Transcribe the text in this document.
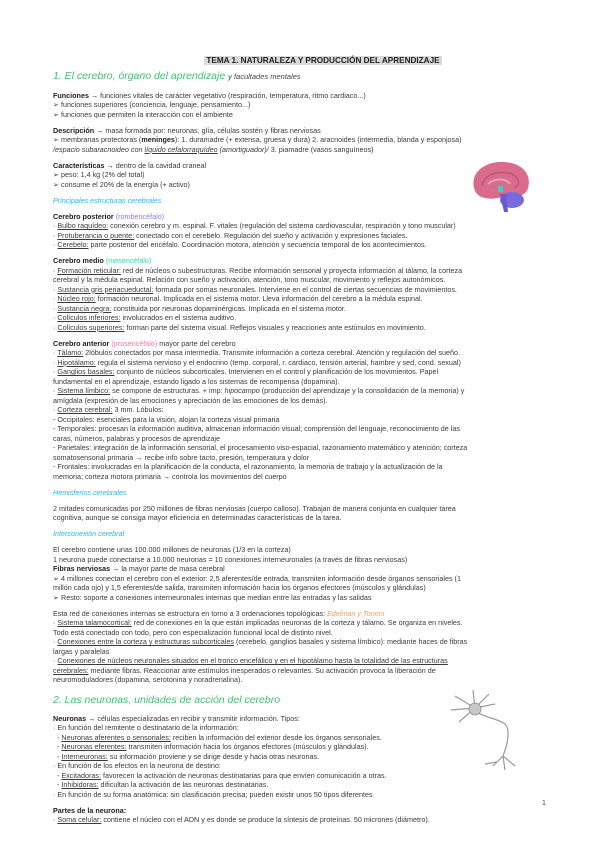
TEMA 1. NATURALEZA Y PRODUCCIÓN DEL APRENDIZAJE
1. El cerebro, órgano del aprendizaje y facultades mentales
Funciones → funciones vitales de carácter vegetativo (respiración, temperatura, ritmo cardiaco...)
➢ funciones superiores (conciencia, lenguaje, pensamiento...)
➢ funciones que permiten la interacción con el ambiente
Descripción → masa formada por: neuronas, glía, células sostén y fibras nerviosas
➢ membranas protectoras (meninges): 1. duramadre (+ extensa, gruesa y dura) 2. aracnoides (intermedia, blanda y esponjosa)
/espacio subaracnoideo con líquido cefalorraquídeo (amortiguador)/ 3. piamadre (vasos sanguíneos)
Características → dentro de la cavidad craneal
➢ peso: 1,4 kg (2% del total)
➢ consume el 20% de la energía (+ activo)
Principales estructuras cerebrales
Cerebro posterior (rombencéfalo)
· Bulbo raquídeo: conexión cerebro y m. espinal. F. vitales (regulación del sistema cardiovascular, respiración y tono muscular)
· Protuberancia o puente: conectado con el cerebelo. Regulación del sueño y activación y expresiones faciales.
· Cerebelo: parte posterior del encéfalo. Coordinación motora, atención y secuencia temporal de los acontecimientos.
Cerebro medio (mesencéfalo)
· Formación reticular: red de núcleos o subestructuras. Recibe información sensorial y proyecta información al tálamo, la corteza
cerebral y la médula espinal. Relación con sueño y activación, atención, tono muscular, movimiento y reflejos autonómicos.
· Sustancia gris periacueductal: formada por somas neuronales. Interviene en el control de ciertas secuencias de movimientos.
· Núcleo rojo: formación neuronal. Implicada en el sistema motor. Lleva información del cerebro a la médula espinal.
· Sustancia negra: constituida por neuronas dopaminérgicas. Implicada en el sistema motor.
· Colículos inferiores: involucrados en el sistema auditivo.
· Colículos superiores: forman parte del sistema visual. Reflejos visuales y reacciones ante estímulos en movimiento.
Cerebro anterior (prosencéfalo) mayor parte del cerebro
· Tálamo: 2lóbulos conectados por masa intermedia. Transmite información a corteza cerebral. Atención y regulación del sueño.
· Hipotálamo: regula el sistema nervioso y el endocrino (temp. corporal, r. cardiaco, tensión arterial, hambre y sed, cond. sexual)
· Ganglios basales: conjunto de núcleos subcorticales. Intervienen en el control y planificación de los movimientos. Papel
fundamental en el aprendizaje, estando ligado a los sistemas de recompensa (dopamina).
· Sistema límbico: se compone de estructuras. + imp: hipocampo (producción del aprendizaje y la consolidación de la memoria) y
amígdala (expresión de las emociones y apreciación de las emociones de los demás).
· Corteza cerebral: 3 mm. Lóbulos:
- Occipitales: esenciales para la visión, alojan la corteza visual primaria
- Temporales: procesan la información auditiva, almacenan información visual; comprensión del lenguaje, reconocimiento de las
caras, números, palabras y procesos de aprendizaje
- Parietales: integración de la información sensorial, el procesamiento viso-espacial, razonamiento matemático y atención; corteza
somatosensorial primaria → recibe info sobre tacto, presión, temperatura y dolor
- Frontales: involucradas en la planificación de la conducta, el razonamiento, la memoria de trabajo y la actualización de la
memoria; corteza motora primaria → controla los movimientos del cuerpo
Hemisferios cerebrales
2 mitades comunicadas por 250 millones de fibras nerviosas (cuerpo calloso). Trabajan de manera conjunta en cualquier tarea
cognitiva, aunque se consiga mayor eficiencia en determinadas características de la tarea.
Interconexión cerebral
El cerebro contiene unas 100.000 millones de neuronas (1/3 en la corteza)
1 neurona puede conectarse a 10.000 neuronas = 10 conexiones interneuronales (a través de fibras nerviosas)
Fibras nerviosas → la mayor parte de masa cerebral
➢ 4 millones conectan el cerebro con el exterior: 2,5 aferentes/de entrada, transmiten información desde órganos sensoriales (1
millón cada ojo) y 1,5 eferentes/de salida, transmiten información hacia los órganos efectores (músculos y glándulas)
➢ Resto: soporte a conexiones interneuronales internas que median entre las entradas y las salidas
Esta red de conexiones internas se estructura en torno a 3 ordenaciones topológicas: Edelman y Tononi
· Sistema talamocortical: red de conexiones en la que están implicadas neuronas de la corteza y tálamo. Se organiza en niveles.
Todo está conectado con todo, pero con especialización funcional local de distinto nivel.
· Conexiones entre la corteza y estructuras subcorticales (cerebelo, ganglios basales y sistema límbico): mediante haces de fibras
largas y paralelas
· Conexiones de núcleos neuronales situados en el tronco encefálico y en el hipotálamo hasta la totalidad de las estructuras
cerebrales: mediante fibras. Reaccionar ante estímulos inesperados o relevantes. Su activación provoca la liberación de
neuromoduladores (dopamina, serotonina y noradrenalina).
2. Las neuronas, unidades de acción del cerebro
Neuronas → células especializadas en recibir y transmitir información. Tipos:
· En función del remitente o destinatario de la información:
- Neuronas aferentes o sensoriales: reciben la información del exterior desde los órganos sensoriales.
- Neuronas eferentes: transmiten información hacia los órganos efectores (músculos y glándulas).
- Interneuronas: su información proviene y se dirige desde y hacia otras neuronas.
· En función de los efectos en la neurona de destino:
- Excitadoras: favorecen la activación de neuronas destinatarias para que envíen comunicación a otras.
- Inhibidoras: dificultan la activación de las neuronas destinatarias.
· En función de su forma anatómica: sin clasificación precisa; pueden existir unos 50 tipos diferentes
Partes de la neurona:
· Soma celular: contiene el núcleo con el ADN y es donde se produce la síntesis de proteínas. 50 micrones (diámetro).
1
